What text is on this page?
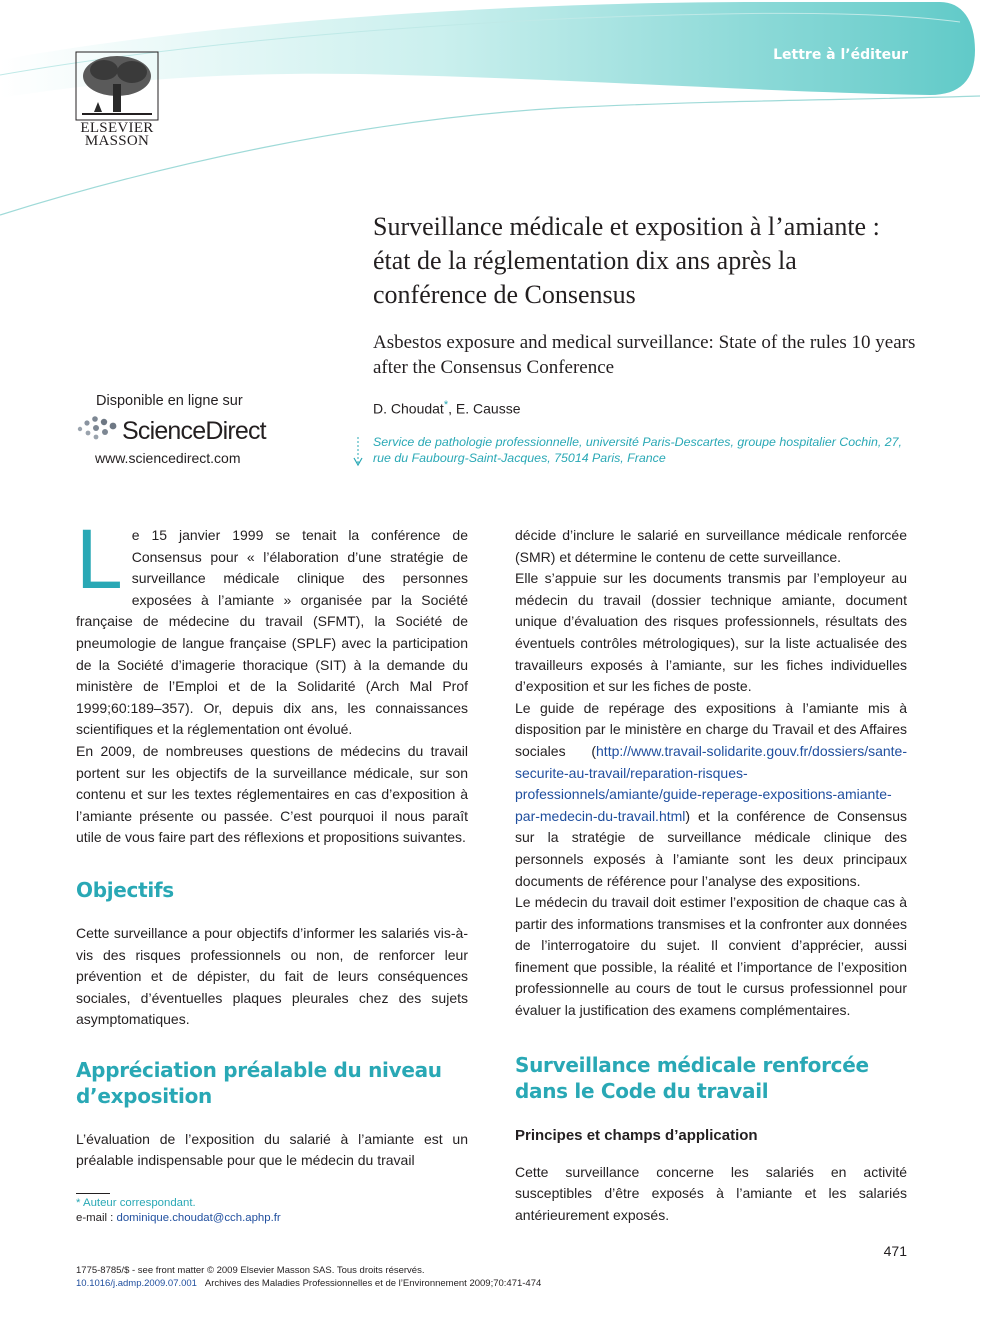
Lettre à l’éditeur
ELSEVIER
MASSON
Disponible en ligne sur
ScienceDirect
www.sciencedirect.com
Surveillance médicale et exposition à l’amiante : état de la réglementation dix ans après la conférence de Consensus
Asbestos exposure and medical surveillance: State of the rules 10 years after the Consensus Conference
D. Choudat*, E. Causse
Service de pathologie professionnelle, université Paris-Descartes, groupe hospitalier Cochin, 27, rue du Faubourg-Saint-Jacques, 75014 Paris, France

Le 15 janvier 1999 se tenait la conférence de Consensus pour « l’élaboration d’une stratégie de surveillance médicale clinique des personnes exposées à l’amiante » organisée par la Société française de médecine du travail (SFMT), la Société de pneumologie de langue française (SPLF) avec la participation de la Société d’imagerie thoracique (SIT) à la demande du ministère de l’Emploi et de la Solidarité (Arch Mal Prof 1999;60:189–357). Or, depuis dix ans, les connaissances scientifiques et la réglementation ont évolué.

En 2009, de nombreuses questions de médecins du travail portent sur les objectifs de la surveillance médicale, sur son contenu et sur les textes réglementaires en cas d’exposition à l’amiante présente ou passée. C’est pourquoi il nous paraît utile de vous faire part des réflexions et propositions suivantes.

Objectifs

Cette surveillance a pour objectifs d’informer les salariés vis-à-vis des risques professionnels ou non, de renforcer leur prévention et de dépister, du fait de leurs conséquences sociales, d’éventuelles plaques pleurales chez des sujets asymptomatiques.

Appréciation préalable du niveau d’exposition

L’évaluation de l’exposition du salarié à l’amiante est un préalable indispensable pour que le médecin du travail

décide d’inclure le salarié en surveillance médicale renforcée (SMR) et détermine le contenu de cette surveillance.

Elle s’appuie sur les documents transmis par l’employeur au médecin du travail (dossier technique amiante, document unique d’évaluation des risques professionnels, résultats des éventuels contrôles métrologiques), sur la liste actualisée des travailleurs exposés à l’amiante, sur les fiches individuelles d’exposition et sur les fiches de poste.

Le guide de repérage des expositions à l’amiante mis à disposition par le ministère en charge du Travail et des Affaires sociales (http://www.travail-solidarite.gouv.fr/dossiers/sante-securite-au-travail/reparation-risques-professionnels/amiante/guide-reperage-expositions-amiante-par-medecin-du-travail.html) et la conférence de Consensus sur la stratégie de surveillance médicale clinique des personnels exposés à l’amiante sont les deux principaux documents de référence pour l’analyse des expositions.

Le médecin du travail doit estimer l’exposition de chaque cas à partir des informations transmises et la confronter aux données de l’interrogatoire du sujet. Il convient d’apprécier, aussi finement que possible, la réalité et l’importance de l’exposition professionnelle au cours de tout le cursus professionnel pour évaluer la justification des examens complémentaires.

Surveillance médicale renforcée dans le Code du travail
Principes et champs d’application

Cette surveillance concerne les salariés en activité susceptibles d’être exposés à l’amiante et les salariés antérieurement exposés.

* Auteur correspondant.
e-mail : dominique.choudat@cch.aphp.fr
471
1775-8785/$ - see front matter © 2009 Elsevier Masson SAS. Tous droits réservés.
10.1016/j.admp.2009.07.001 Archives des Maladies Professionnelles et de l’Environnement 2009;70:471-474
